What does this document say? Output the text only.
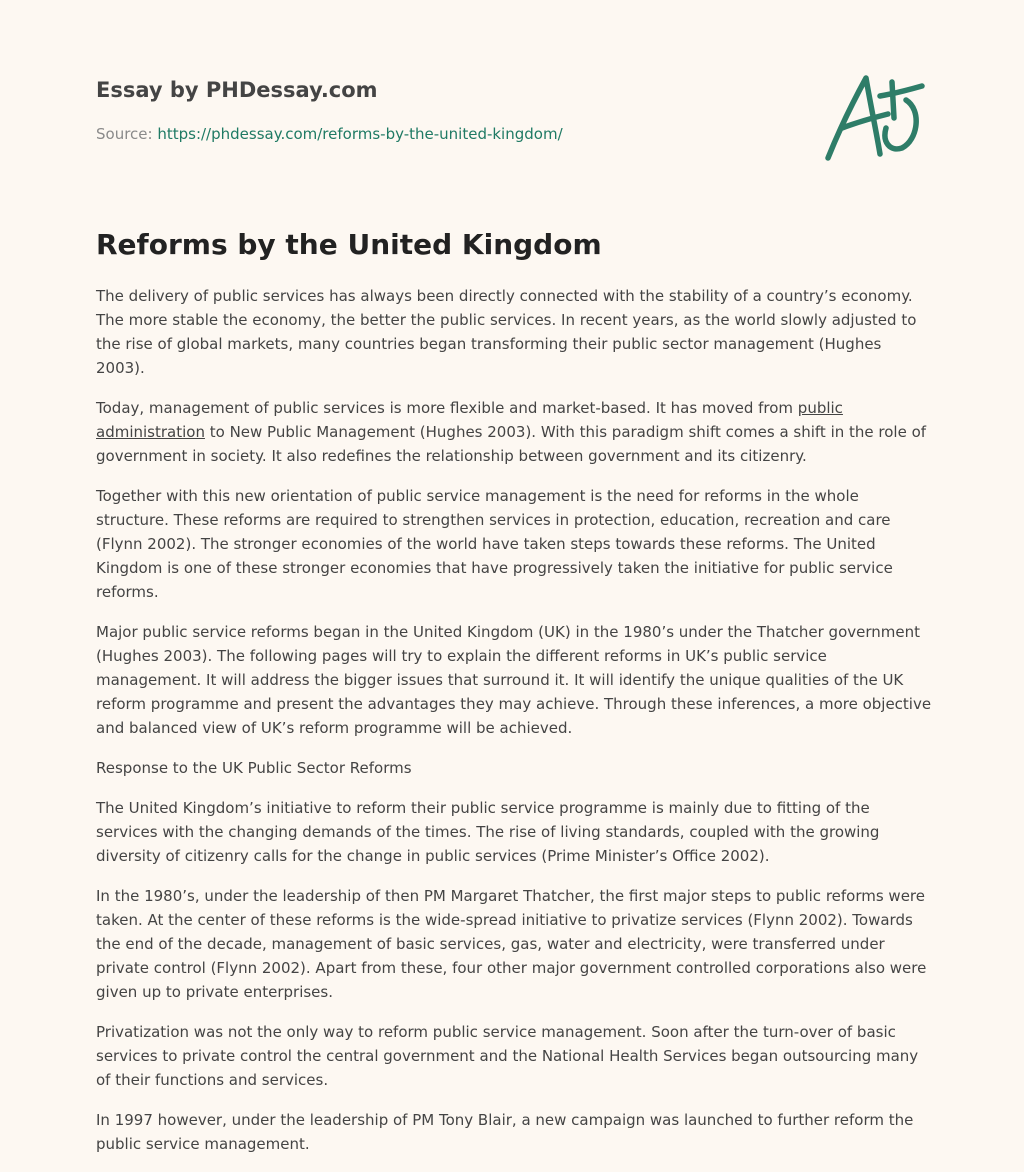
Essay by PHDessay.com
Source: https://phdessay.com/reforms-by-the-united-kingdom/
Reforms by the United Kingdom

The delivery of public services has always been directly connected with the stability of a country’s economy. The more stable the economy, the better the public services. In recent years, as the world slowly adjusted to the rise of global markets, many countries began transforming their public sector management (Hughes 2003).

Today, management of public services is more flexible and market-based. It has moved from public administration to New Public Management (Hughes 2003). With this paradigm shift comes a shift in the role of government in society. It also redefines the relationship between government and its citizenry.

Together with this new orientation of public service management is the need for reforms in the whole structure. These reforms are required to strengthen services in protection, education, recreation and care (Flynn 2002). The stronger economies of the world have taken steps towards these reforms. The United Kingdom is one of these stronger economies that have progressively taken the initiative for public service reforms.

Major public service reforms began in the United Kingdom (UK) in the 1980’s under the Thatcher government (Hughes 2003). The following pages will try to explain the different reforms in UK’s public service management. It will address the bigger issues that surround it. It will identify the unique qualities of the UK reform programme and present the advantages they may achieve. Through these inferences, a more objective and balanced view of UK’s reform programme will be achieved.

Response to the UK Public Sector Reforms

The United Kingdom’s initiative to reform their public service programme is mainly due to fitting of the services with the changing demands of the times. The rise of living standards, coupled with the growing diversity of citizenry calls for the change in public services (Prime Minister’s Office 2002).

In the 1980’s, under the leadership of then PM Margaret Thatcher, the first major steps to public reforms were taken. At the center of these reforms is the wide-spread initiative to privatize services (Flynn 2002). Towards the end of the decade, management of basic services, gas, water and electricity, were transferred under private control (Flynn 2002). Apart from these, four other major government controlled corporations also were given up to private enterprises.

Privatization was not the only way to reform public service management. Soon after the turn-over of basic services to private control the central government and the National Health Services began outsourcing many of their functions and services.

In 1997 however, under the leadership of PM Tony Blair, a new campaign was launched to further reform the public service management.
